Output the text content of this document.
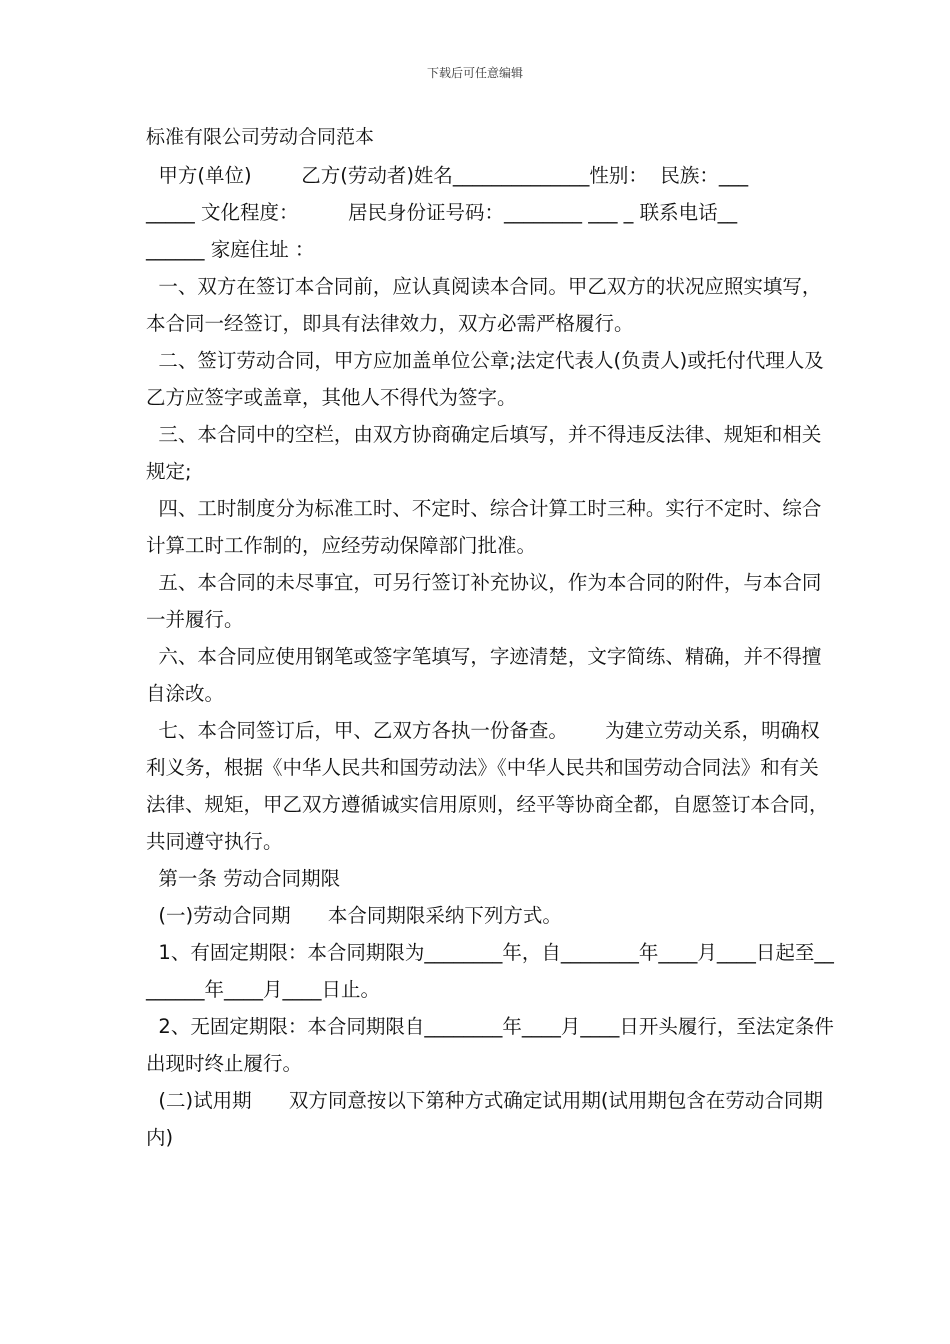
下载后可任意编辑
标准有限公司劳动合同范本

甲方(单位)        乙方(劳动者)姓名______________性别：  民族：___

_____ 文化程度：        居民身份证号码：________ ___ _ 联系电话__

______ 家庭住址 ：

一、双方在签订本合同前，应认真阅读本合同。甲乙双方的状况应照实填写，本合同一经签订，即具有法律效力，双方必需严格履行。

二、签订劳动合同，甲方应加盖单位公章;法定代表人(负责人)或托付代理人及乙方应签字或盖章，其他人不得代为签字。

三、本合同中的空栏，由双方协商确定后填写，并不得违反法律、规矩和相关规定;

四、工时制度分为标准工时、不定时、综合计算工时三种。实行不定时、综合计算工时工作制的，应经劳动保障部门批准。

五、本合同的未尽事宜，可另行签订补充协议，作为本合同的附件，与本合同一并履行。

六、本合同应使用钢笔或签字笔填写，字迹清楚，文字简练、精确，并不得擅自涂改。

七、本合同签订后，甲、乙双方各执一份备查。      为建立劳动关系，明确权利义务，根据《中华人民共和国劳动法》《中华人民共和国劳动合同法》和有关法律、规矩，甲乙双方遵循诚实信用原则，经平等协商全都，自愿签订本合同，共同遵守执行。

第一条 劳动合同期限

(一)劳动合同期      本合同期限采纳下列方式。

1、有固定期限：本合同期限为________年，自________年____月____日起至________年____月____日止。

2、无固定期限：本合同期限自________年____月____日开头履行，至法定条件出现时终止履行。

(二)试用期      双方同意按以下第种方式确定试用期(试用期包含在劳动合同期内)
